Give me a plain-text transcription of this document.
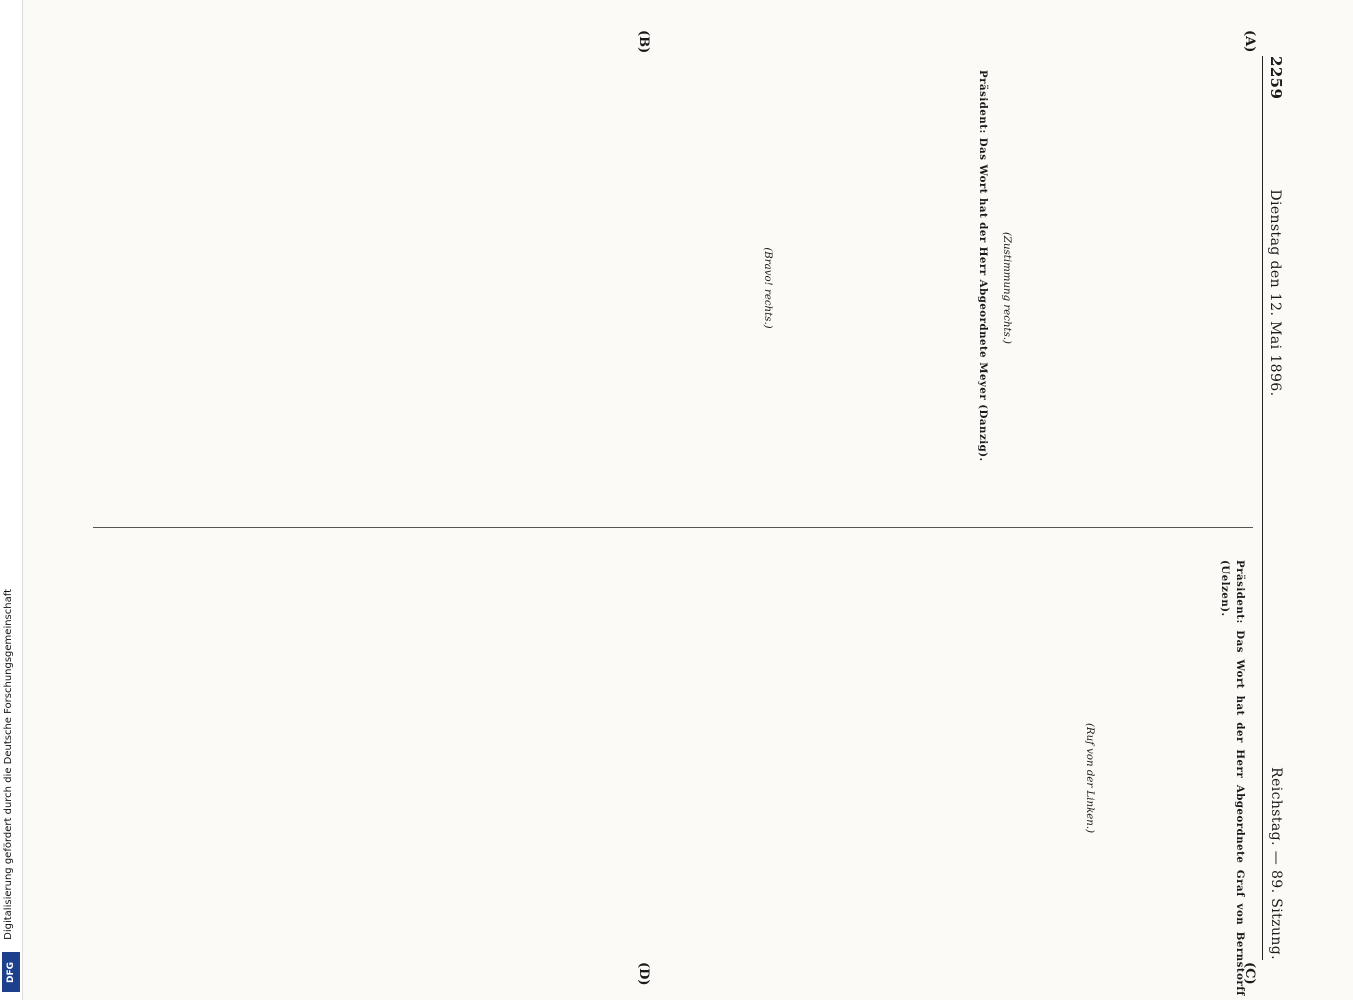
2259
Dienstag den 12. Mai 1896.
Reichstag. — 89. Sitzung.
(A)
(B)
(C)
(D)
(Zustimmung rechts.)
Präsident: Das Wort hat der Herr Abgeordnete Meyer (Danzig).
(Bravo! rechts.)
Präsident: Das Wort hat der Herr Abgeordnete Graf von Bernstorff (Uelzen).
(Ruf von der Linken.)
Digitalisierung gefördert durch die Deutsche Forschungsgemeinschaft
DFG
